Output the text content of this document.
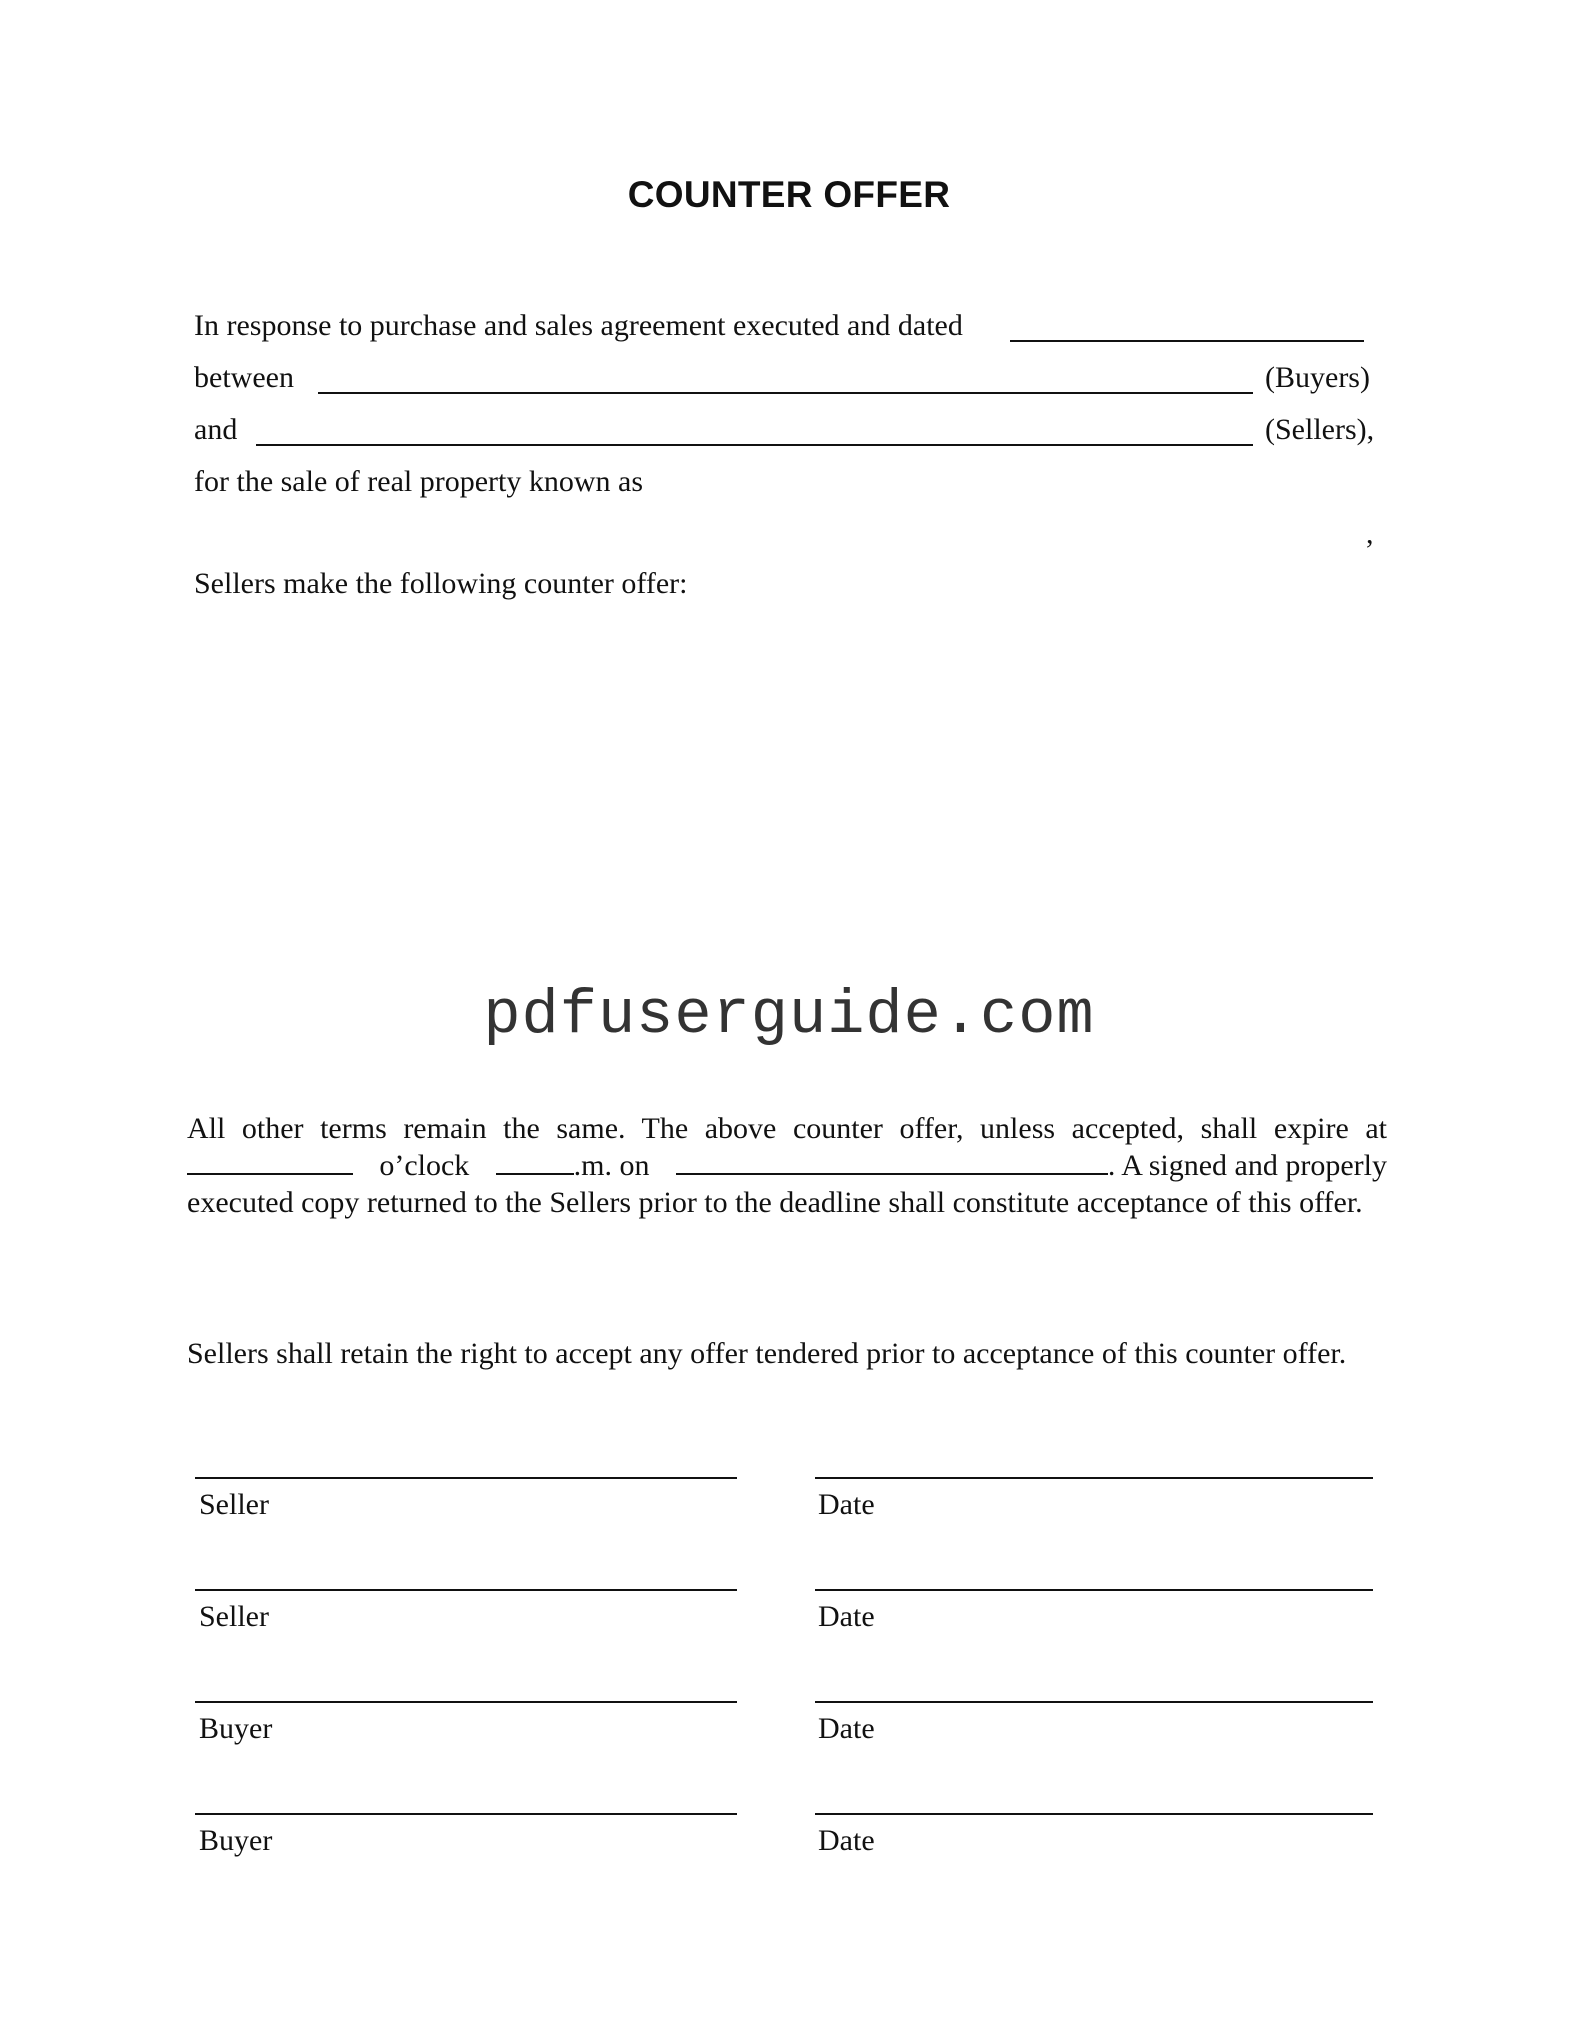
COUNTER OFFER
In response to purchase and sales agreement executed and dated
between	(Buyers)
and	(Sellers),
for the sale of real property known as
,
Sellers make the following counter offer:
pdfuserguide.com
All other terms remain the same. The above counter offer, unless accepted, shall expire at
o’clock	.m. on	. A signed and properly
executed copy returned to the Sellers prior to the deadline shall constitute acceptance of this offer.
Sellers shall retain the right to accept any offer tendered prior to acceptance of this counter offer.
Seller	Date
Seller	Date
Buyer	Date
Buyer	Date
